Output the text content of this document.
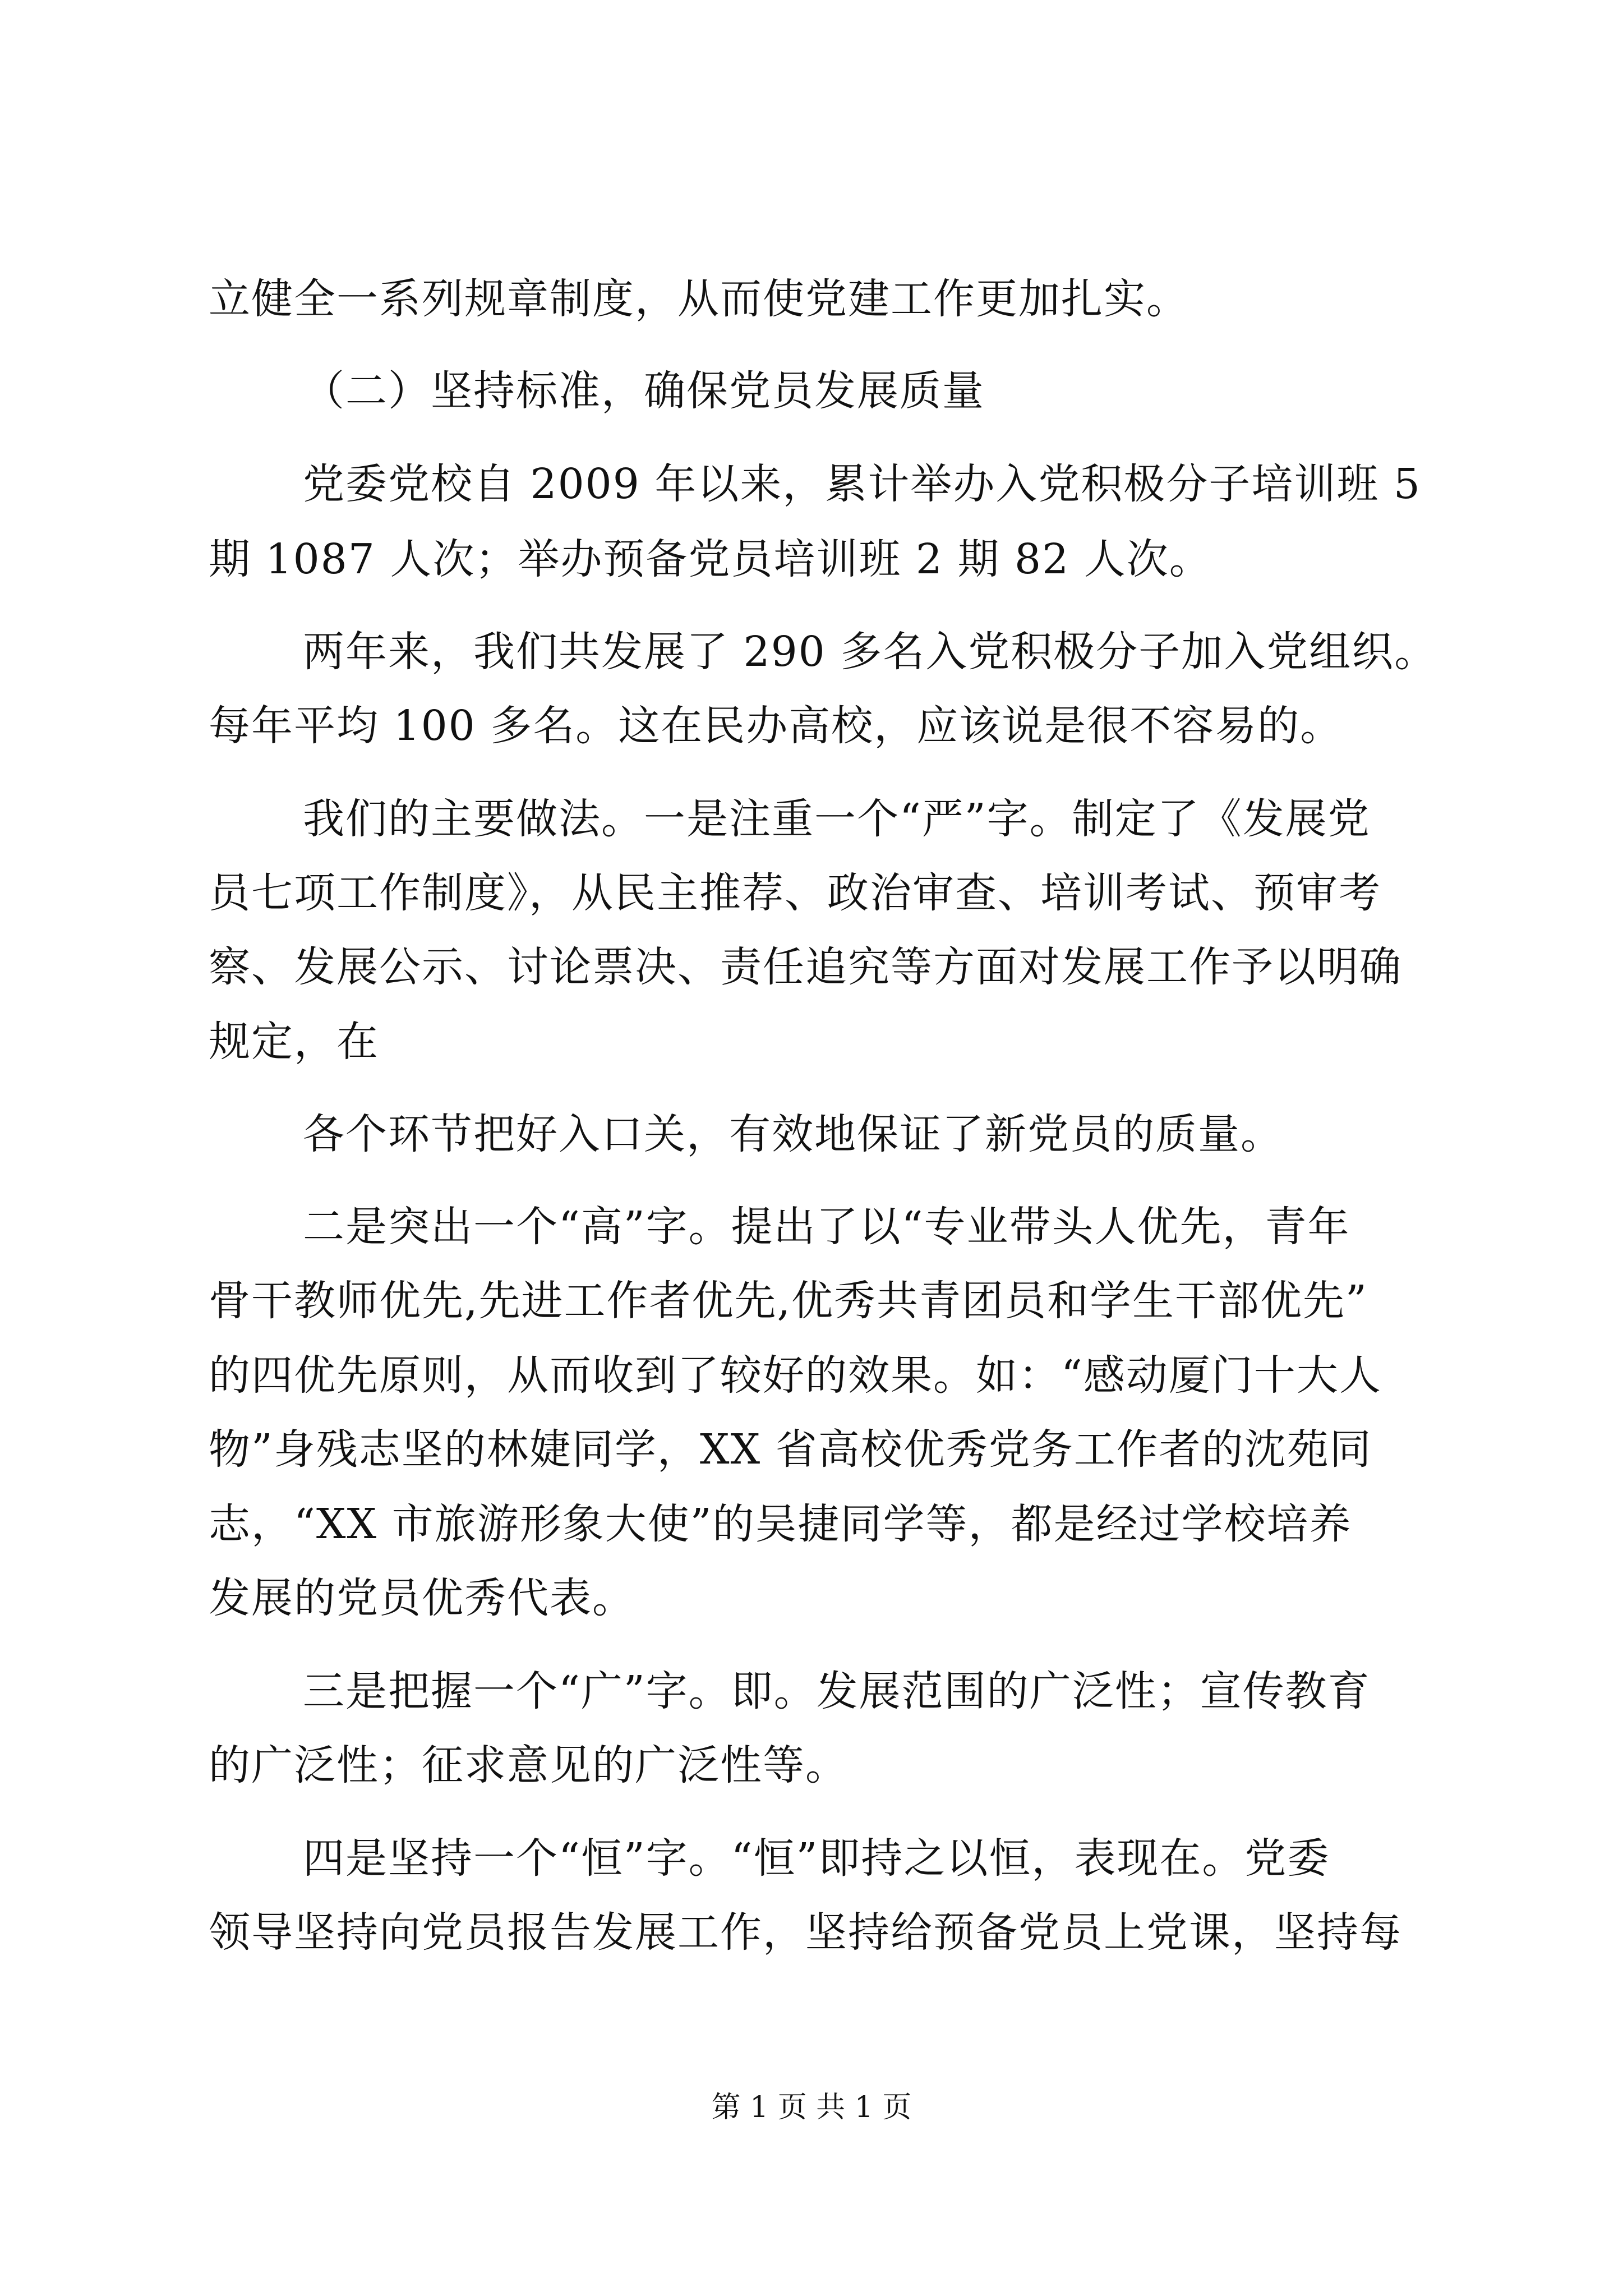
立健全一系列规章制度，从而使党建工作更加扎实。
（二）坚持标准，确保党员发展质量
党委党校自 2009 年以来，累计举办入党积极分子培训班 5
期 1087 人次；举办预备党员培训班 2 期 82 人次。
两年来，我们共发展了 290 多名入党积极分子加入党组织。
每年平均 100 多名。这在民办高校，应该说是很不容易的。
我们的主要做法。一是注重一个“严”字。制定了《发展党
员七项工作制度》，从民主推荐、政治审查、培训考试、预审考
察、发展公示、讨论票决、责任追究等方面对发展工作予以明确
规定，在
各个环节把好入口关，有效地保证了新党员的质量。
二是突出一个“高”字。提出了以“专业带头人优先，青年
骨干教师优先,先进工作者优先,优秀共青团员和学生干部优先”
的四优先原则，从而收到了较好的效果。如：“感动厦门十大人
物”身残志坚的林婕同学，XX 省高校优秀党务工作者的沈苑同
志，“XX 市旅游形象大使”的吴捷同学等，都是经过学校培养
发展的党员优秀代表。
三是把握一个“广”字。即。发展范围的广泛性；宣传教育
的广泛性；征求意见的广泛性等。
四是坚持一个“恒”字。“恒”即持之以恒，表现在。党委
领导坚持向党员报告发展工作，坚持给预备党员上党课，坚持每
第 1 页 共 1 页
